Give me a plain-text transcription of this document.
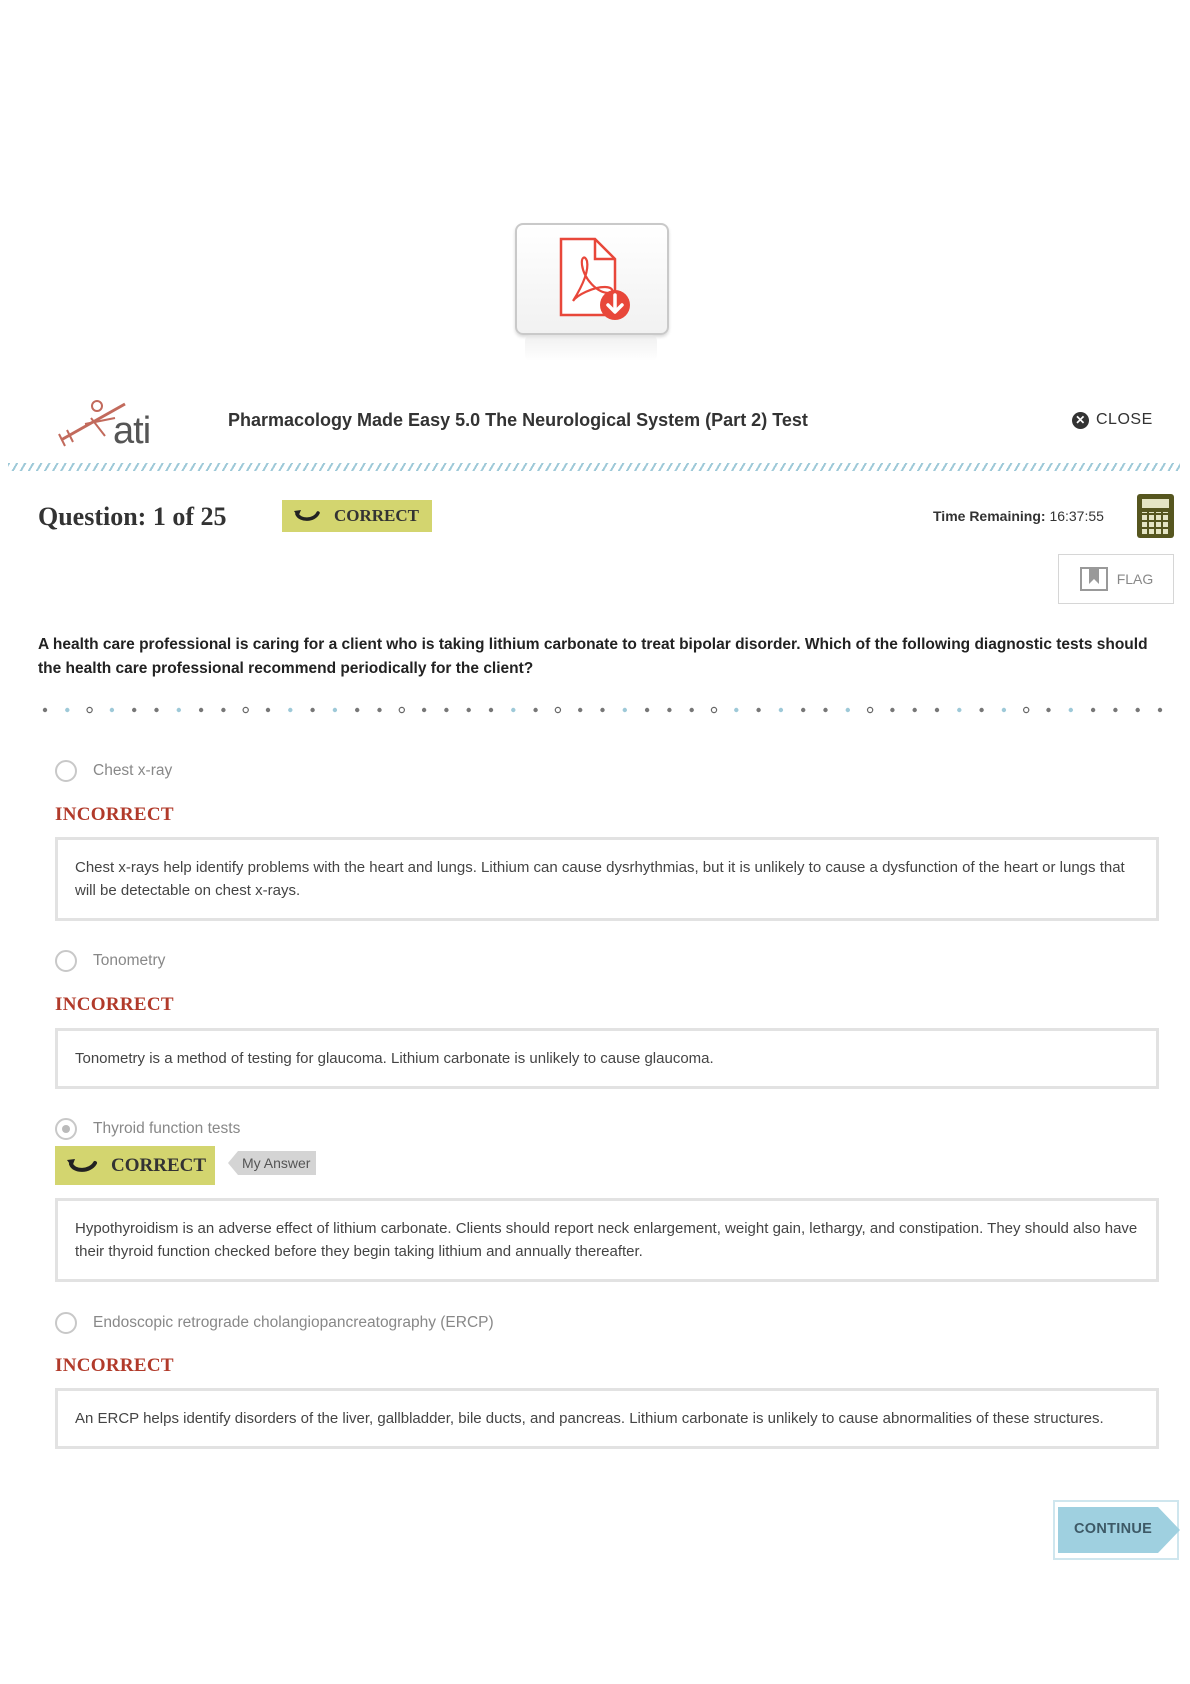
ati	Pharmacology Made Easy 5.0 The Neurological System (Part 2) Test	✕ CLOSE
Question: 1 of 25	CORRECT	Time Remaining: 16:37:55
FLAG
A health care professional is caring for a client who is taking lithium carbonate to treat bipolar disorder. Which of the following diagnostic tests should the health care professional recommend periodically for the client?
Chest x-ray
INCORRECT
Chest x-rays help identify problems with the heart and lungs. Lithium can cause dysrhythmias, but it is unlikely to cause a dysfunction of the heart or lungs that will be detectable on chest x-rays.
Tonometry
INCORRECT
Tonometry is a method of testing for glaucoma. Lithium carbonate is unlikely to cause glaucoma.
Thyroid function tests
CORRECT	My Answer
Hypothyroidism is an adverse effect of lithium carbonate. Clients should report neck enlargement, weight gain, lethargy, and constipation. They should also have their thyroid function checked before they begin taking lithium and annually thereafter.
Endoscopic retrograde cholangiopancreatography (ERCP)
INCORRECT
An ERCP helps identify disorders of the liver, gallbladder, bile ducts, and pancreas. Lithium carbonate is unlikely to cause abnormalities of these structures.
CONTINUE
